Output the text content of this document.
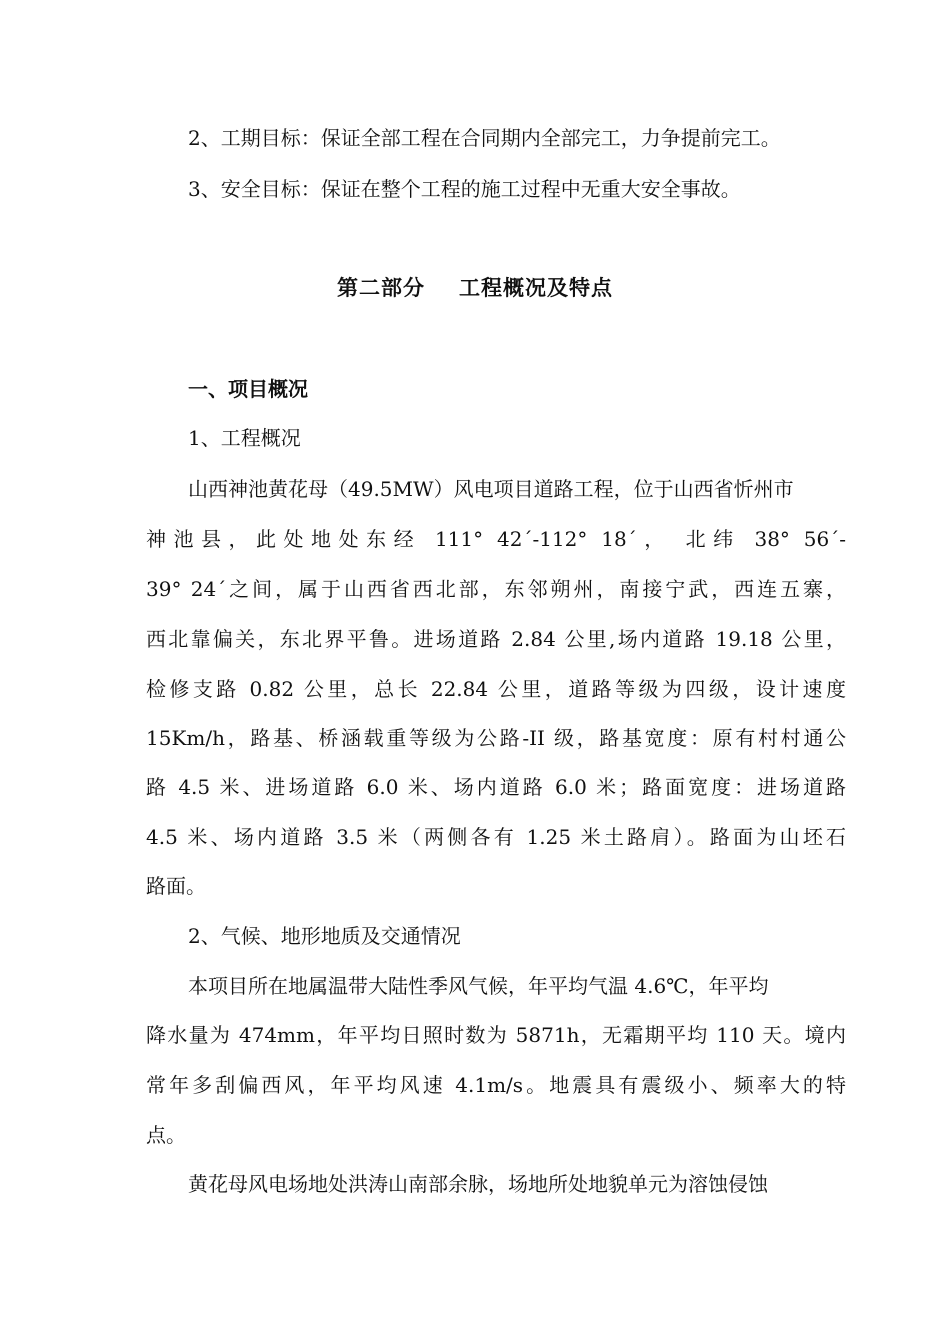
2、工期目标：保证全部工程在合同期内全部完工，力争提前完工。
3、安全目标：保证在整个工程的施工过程中无重大安全事故。
第二部分 工程概况及特点
一、项目概况
1、工程概况
山西神池黄花母（49.5MW）风电项目道路工程，位于山西省忻州市
神池县，此处地处东经 111° 42´-112° 18´， 北纬 38° 56´-
39° 24´之间，属于山西省西北部，东邻朔州，南接宁武，西连五寨，
西北靠偏关，东北界平鲁。进场道路 2.84 公里,场内道路 19.18 公里，
检修支路 0.82 公里，总长 22.84 公里，道路等级为四级，设计速度
15Km/h，路基、桥涵载重等级为公路-II 级，路基宽度：原有村村通公
路 4.5 米、进场道路 6.0 米、场内道路 6.0 米；路面宽度：进场道路
4.5 米、场内道路 3.5 米（两侧各有 1.25 米土路肩）。路面为山坯石
路面。
2、气候、地形地质及交通情况
本项目所在地属温带大陆性季风气候，年平均气温 4.6℃，年平均
降水量为 474mm，年平均日照时数为 5871h，无霜期平均 110 天。境内
常年多刮偏西风，年平均风速 4.1m/s。地震具有震级小、频率大的特
点。
黄花母风电场地处洪涛山南部余脉，场地所处地貌单元为溶蚀侵蚀
